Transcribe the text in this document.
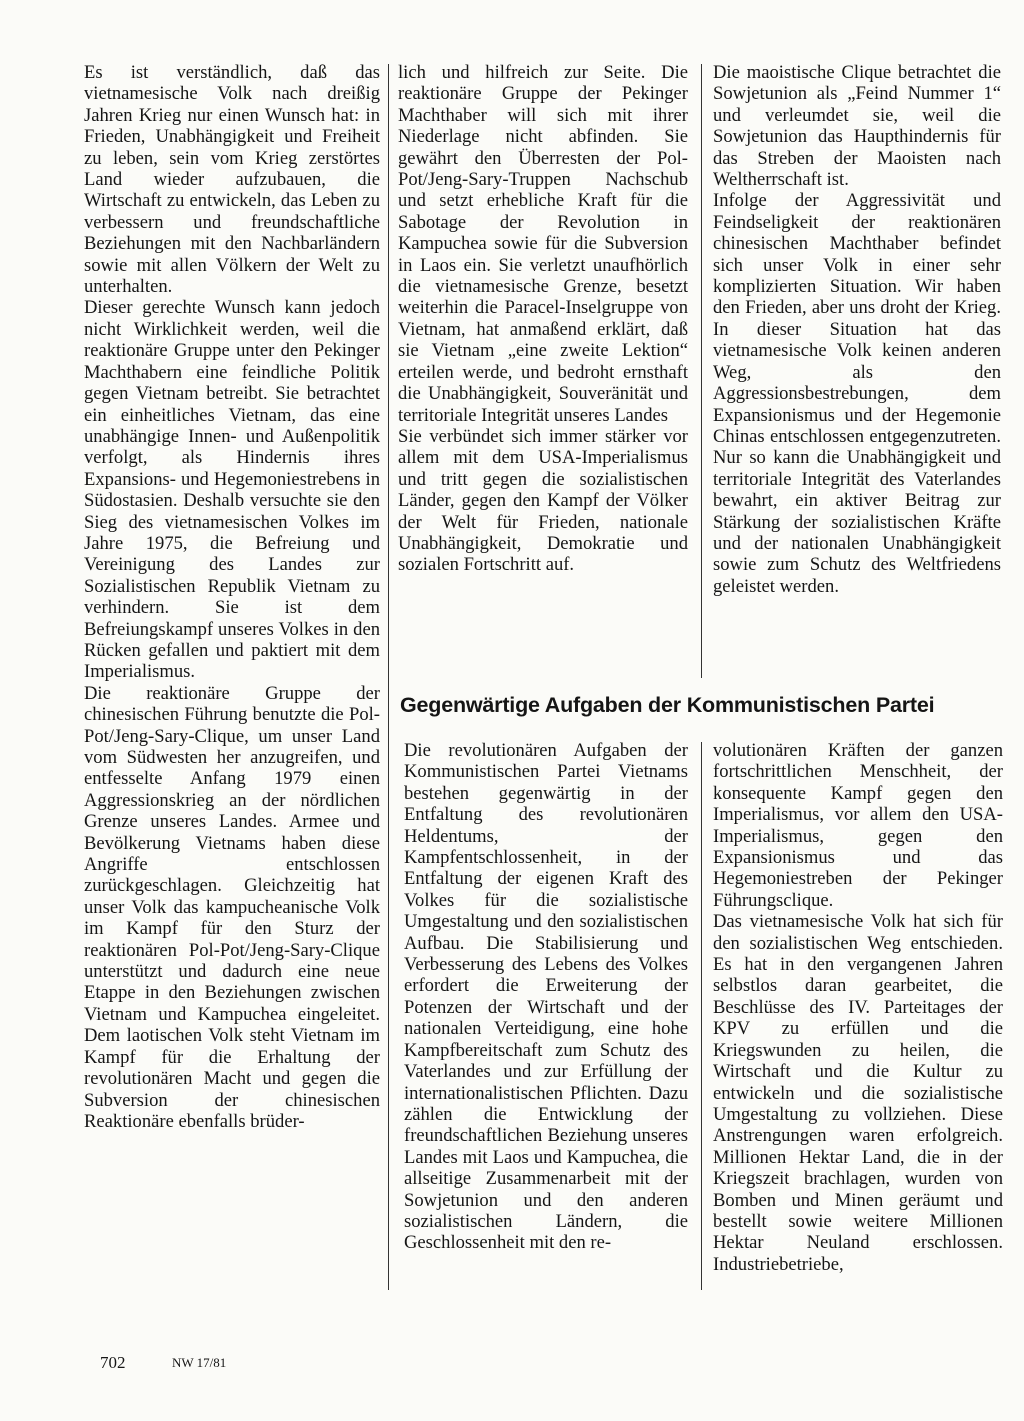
Es ist verständlich, daß das vietnamesische Volk nach dreißig Jahren Krieg nur einen Wunsch hat: in Frieden, Unabhängigkeit und Freiheit zu leben, sein vom Krieg zerstörtes Land wieder aufzubauen, die Wirtschaft zu entwickeln, das Leben zu verbessern und freundschaftliche Beziehungen mit den Nachbarländern sowie mit allen Völkern der Welt zu unterhalten.

Dieser gerechte Wunsch kann jedoch nicht Wirklichkeit werden, weil die reaktionäre Gruppe unter den Pekinger Machthabern eine feindliche Politik gegen Vietnam betreibt. Sie betrachtet ein einheitliches Vietnam, das eine unabhängige Innen- und Außenpolitik verfolgt, als Hindernis ihres Expansions- und Hegemoniestrebens in Südostasien. Deshalb versuchte sie den Sieg des vietnamesischen Volkes im Jahre 1975, die Befreiung und Vereinigung des Landes zur Sozialistischen Republik Vietnam zu verhindern. Sie ist dem Befreiungskampf unseres Volkes in den Rücken gefallen und paktiert mit dem Imperialismus.

Die reaktionäre Gruppe der chinesischen Führung benutzte die Pol-Pot/Jeng-Sary-Clique, um unser Land vom Südwesten her anzugreifen, und entfesselte Anfang 1979 einen Aggressionskrieg an der nördlichen Grenze unseres Landes. Armee und Bevölkerung Vietnams haben diese Angriffe entschlossen zurückgeschlagen. Gleichzeitig hat unser Volk das kampucheanische Volk im Kampf für den Sturz der reaktionären Pol-Pot/Jeng-Sary-Clique unterstützt und dadurch eine neue Etappe in den Beziehungen zwischen Vietnam und Kampuchea eingeleitet. Dem laotischen Volk steht Vietnam im Kampf für die Erhaltung der revolutionären Macht und gegen die Subversion der chinesischen Reaktionäre ebenfalls brüder-

lich und hilfreich zur Seite. Die reaktionäre Gruppe der Pekinger Machthaber will sich mit ihrer Niederlage nicht abfinden. Sie gewährt den Überresten der Pol-Pot/Jeng-Sary-Truppen Nachschub und setzt erhebliche Kraft für die Sabotage der Revolution in Kampuchea sowie für die Subversion in Laos ein. Sie verletzt unaufhörlich die vietnamesische Grenze, besetzt weiterhin die Paracel-Inselgruppe von Vietnam, hat anmaßend erklärt, daß sie Vietnam „eine zweite Lektion“ erteilen werde, und bedroht ernsthaft die Unabhängigkeit, Souveränität und territoriale Integrität unseres Landes

Sie verbündet sich immer stärker vor allem mit dem USA-Imperialismus und tritt gegen die sozialistischen Länder, gegen den Kampf der Völker der Welt für Frieden, nationale Unabhängigkeit, Demokratie und sozialen Fortschritt auf.

Die maoistische Clique betrachtet die Sowjetunion als „Feind Nummer 1“ und verleumdet sie, weil die Sowjetunion das Haupthindernis für das Streben der Maoisten nach Weltherrschaft ist.

Infolge der Aggressivität und Feindseligkeit der reaktionären chinesischen Machthaber befindet sich unser Volk in einer sehr komplizierten Situation. Wir haben den Frieden, aber uns droht der Krieg. In dieser Situation hat das vietnamesische Volk keinen anderen Weg, als den Aggressionsbestrebungen, dem Expansionismus und der Hegemonie Chinas entschlossen entgegenzutreten. Nur so kann die Unabhängigkeit und territoriale Integrität des Vaterlandes bewahrt, ein aktiver Beitrag zur Stärkung der sozialistischen Kräfte und der nationalen Unabhängigkeit sowie zum Schutz des Weltfriedens geleistet werden.

Gegenwärtige Aufgaben der Kommunistischen Partei

Die revolutionären Aufgaben der Kommunistischen Partei Vietnams bestehen gegenwärtig in der Entfaltung des revolutionären Heldentums, der Kampfentschlossenheit, in der Entfaltung der eigenen Kraft des Volkes für die sozialistische Umgestaltung und den sozialistischen Aufbau. Die Stabilisierung und Verbesserung des Lebens des Volkes erfordert die Erweiterung der Potenzen der Wirtschaft und der nationalen Verteidigung, eine hohe Kampfbereitschaft zum Schutz des Vaterlandes und zur Erfüllung der internationalistischen Pflichten. Dazu zählen die Entwicklung der freundschaftlichen Beziehung unseres Landes mit Laos und Kampuchea, die allseitige Zusammenarbeit mit der Sowjetunion und den anderen sozialistischen Ländern, die Geschlossenheit mit den re-

volutionären Kräften der ganzen fortschrittlichen Menschheit, der konsequente Kampf gegen den Imperialismus, vor allem den USA-Imperialismus, gegen den Expansionismus und das Hegemoniestreben der Pekinger Führungsclique.

Das vietnamesische Volk hat sich für den sozialistischen Weg entschieden. Es hat in den vergangenen Jahren selbstlos daran gearbeitet, die Beschlüsse des IV. Parteitages der KPV zu erfüllen und die Kriegswunden zu heilen, die Wirtschaft und die Kultur zu entwickeln und die sozialistische Umgestaltung zu vollziehen. Diese Anstrengungen waren erfolgreich. Millionen Hektar Land, die in der Kriegszeit brachlagen, wurden von Bomben und Minen geräumt und bestellt sowie weitere Millionen Hektar Neuland erschlossen. Industriebetriebe,

702	NW 17/81
